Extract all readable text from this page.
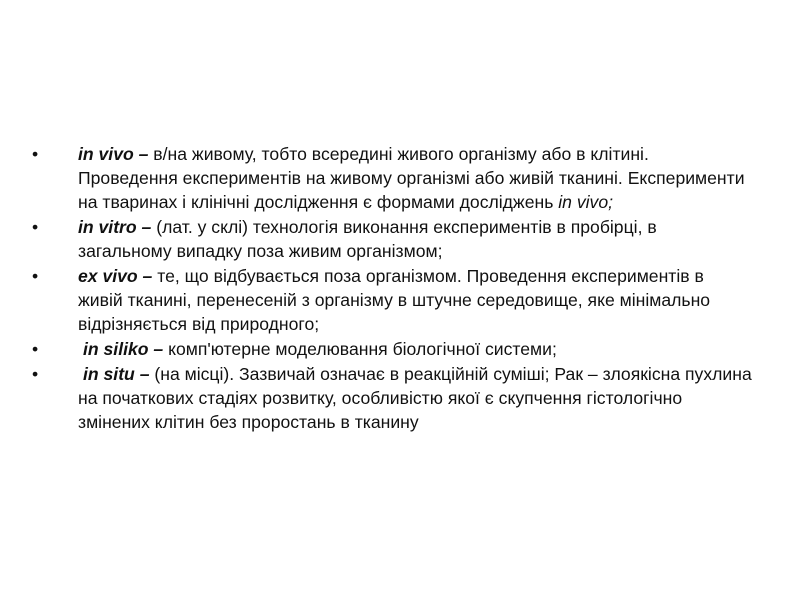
•	in vivo – в/на живому, тобто всередині живого організму або в клітині. Проведення експериментів на живому організмі або живій тканині. Експерименти на тваринах і клінічні дослідження є формами досліджень in vivo;
•	in vitro – (лат. у склі) технологія виконання експериментів в пробірці, в загальному випадку поза живим організмом;
•	ex vivo – те, що відбувається поза організмом. Проведення експериментів в живій тканині, перенесеній з організму в штучне середовище, яке мінімально відрізняється від природного;
•	in siliko – комп'ютерне моделювання біологічної системи;
•	in situ – (на місці). Зазвичай означає в реакційній суміші; Рак – злоякісна пухлина на початкових стадіях розвитку, особливістю якої є скупчення гістологічно змінених клітин без проростань в тканину
